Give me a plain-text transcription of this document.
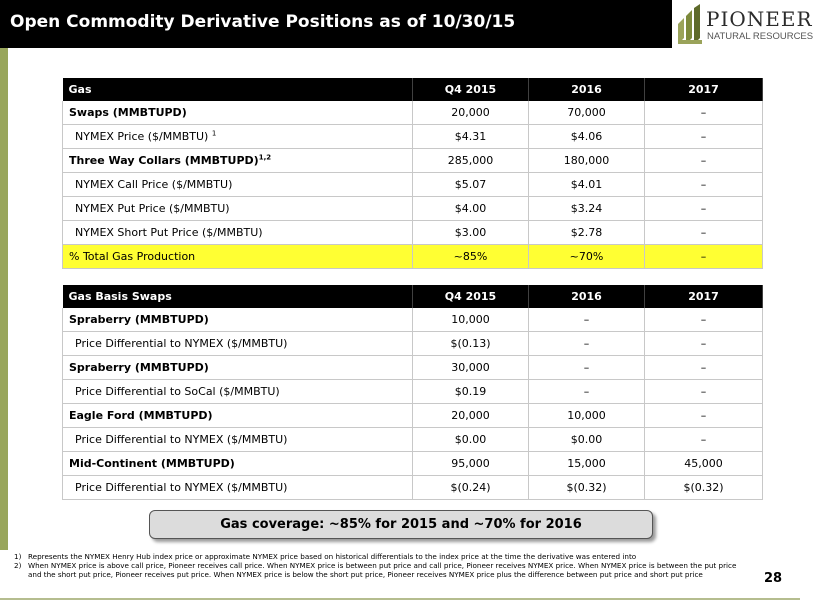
Open Commodity Derivative Positions as of 10/30/15	PIONEER
NATURAL RESOURCES
Gas	Q4 2015	2016	2017
Swaps (MMBTUPD)	20,000	70,000	–
NYMEX Price ($/MMBTU) $^1$	$4.31	$4.06	–
Three Way Collars (MMBTUPD)$^{1,2}$	285,000	180,000	–
NYMEX Call Price ($/MMBTU)	$5.07	$4.01	–
NYMEX Put Price ($/MMBTU)	$4.00	$3.24	–
NYMEX Short Put Price ($/MMBTU)	$3.00	$2.78	–
% Total Gas Production	~85%	~70%	–
Gas Basis Swaps	Q4 2015	2016	2017
Spraberry (MMBTUPD)	10,000	–	–
Price Differential to NYMEX ($/MMBTU)	$(0.13)	–	–
Spraberry (MMBTUPD)	30,000	–	–
Price Differential to SoCal ($/MMBTU)	$0.19	–	–
Eagle Ford (MMBTUPD)	20,000	10,000	–
Price Differential to NYMEX ($/MMBTU)	$0.00	$0.00	–
Mid-Continent (MMBTUPD)	95,000	15,000	45,000
Price Differential to NYMEX ($/MMBTU)	$(0.24)	$(0.32)	$(0.32)
Gas coverage: ~85% for 2015 and ~70% for 2016
1) Represents the NYMEX Henry Hub index price or approximate NYMEX price based on historical differentials to the index price at the time the derivative was entered into
2) When NYMEX price is above call price, Pioneer receives call price. When NYMEX price is between put price and call price, Pioneer receives NYMEX price. When NYMEX price is between the put price and the short put price, Pioneer receives put price. When NYMEX price is below the short put price, Pioneer receives NYMEX price plus the difference between put price and short put price	28
